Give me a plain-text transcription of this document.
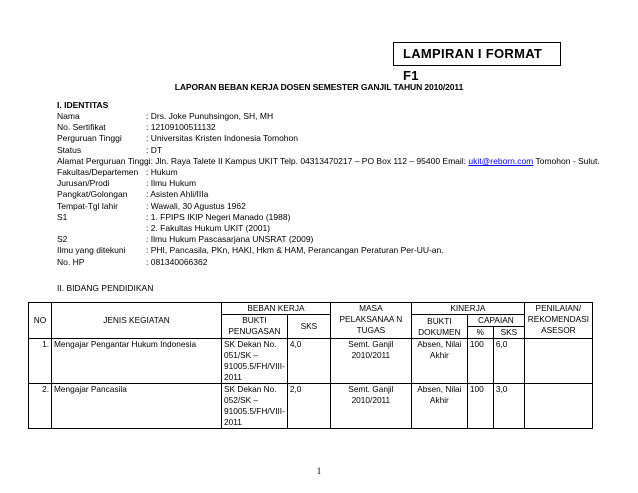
LAMPIRAN I FORMAT F1
LAPORAN BEBAN KERJA DOSEN SEMESTER GANJIL TAHUN 2010/2011
I. IDENTITAS
Nama	: Drs. Joke Punuhsingon, SH, MH
No. Sertifikat	: 12109100511132
Perguruan Tinggi	: Universitas Kristen Indonesia Tomohon
Status	: DT
Alamat Perguruan Tinggi: Jln. Raya Talete II Kampus UKIT Telp. 04313470217 – PO Box 112 – 95400 Email: ukit@reborn.com Tomohon - Sulut.
Fakultas/Departemen : Hukum
Jurusan/Prodi	: Ilmu Hukum
Pangkat/Golongan : Asisten Ahli/IIIa
Tempat-Tgl lahir	: Wawali, 30 Agustus 1962
S1	: 1. FPIPS IKIP Negeri Manado (1988)
: 2. Fakultas Hukum UKIT (2001)
S2	: Ilmu Hukum Pascasarjana UNSRAT (2009)
Ilmu yang ditekuni : PHI, Pancasila, PKn, HAKI, Hkm & HAM, Perancangan Peraturan Per-UU-an.
No. HP	: 081340066362
II. BIDANG PENDIDIKAN
NO	JENIS KEGIATAN	BEBAN KERJA		MASA PELAKSANAA N TUGAS	KINERJA			PENILAIAN/ REKOMENDASI ASESOR
		BUKTI PENUGASAN	SKS		BUKTI DOKUMEN	CAPAIAN		
						%	SKS	
1.	Mengajar Pengantar Hukum Indonesia	SK Dekan No. 051/SK – 91005.5/FH/VIII-2011	4,0	Semt. Ganjil 2010/2011	Absen, Nilai Akhir	100	6,0	
2.	Mengajar Pancasila	SK Dekan No. 052/SK – 91005.5/FH/VIII-2011	2,0	Semt. Ganjil 2010/2011	Absen, Nilai Akhir	100	3,0	
1
